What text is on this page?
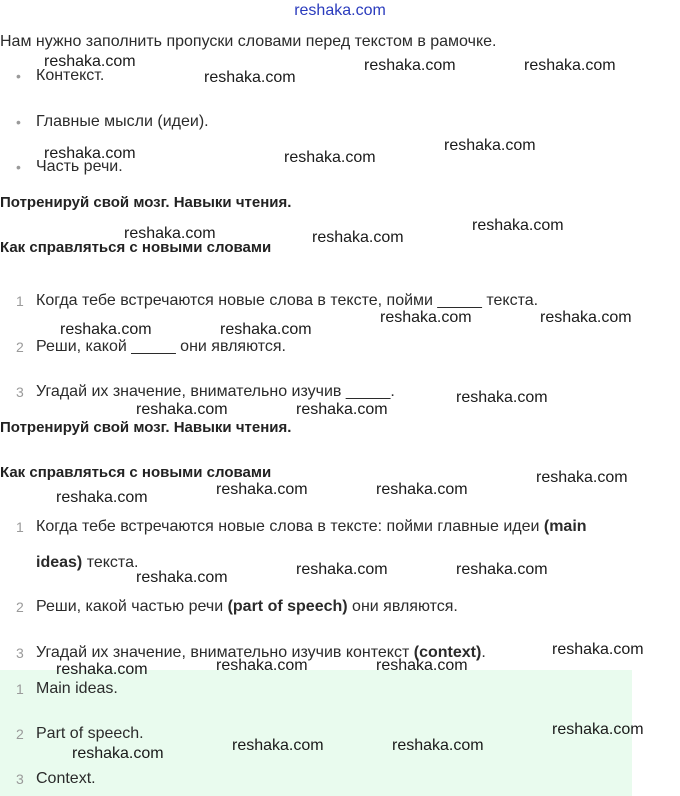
reshaka.com
Нам нужно заполнить пропуски словами перед текстом в рамочке.
• Контекст.
• Главные мысли (идеи).
• Часть речи.
Потренируй свой мозг. Навыки чтения.
Как справляться с новыми словами
1 Когда тебе встречаются новые слова в тексте, пойми _____ текста.
2 Реши, какой _____ они являются.
3 Угадай их значение, внимательно изучив _____.
Потренируй свой мозг. Навыки чтения.
Как справляться с новыми словами
1 Когда тебе встречаются новые слова в тексте: пойми главные идеи (main
ideas) текста.
2 Реши, какой частью речи (part of speech) они являются.
3 Угадай их значение, внимательно изучив контекст (context).
1 Main ideas.
2 Part of speech.
3 Context.
reshaka.com
reshaka.com
reshaka.com	reshaka.com
reshaka.com	reshaka.com
reshaka.com
reshaka.com	reshaka.com
reshaka.com
reshaka.com	reshaka.com
reshaka.com	reshaka.com
reshaka.com	reshaka.com
reshaka.com
reshaka.com	reshaka.com	reshaka.com
reshaka.com
reshaka.com	reshaka.com	reshaka.com
reshaka.com
reshaka.com	reshaka.com	reshaka.com
reshaka.com
reshaka.com	reshaka.com	reshaka.com
